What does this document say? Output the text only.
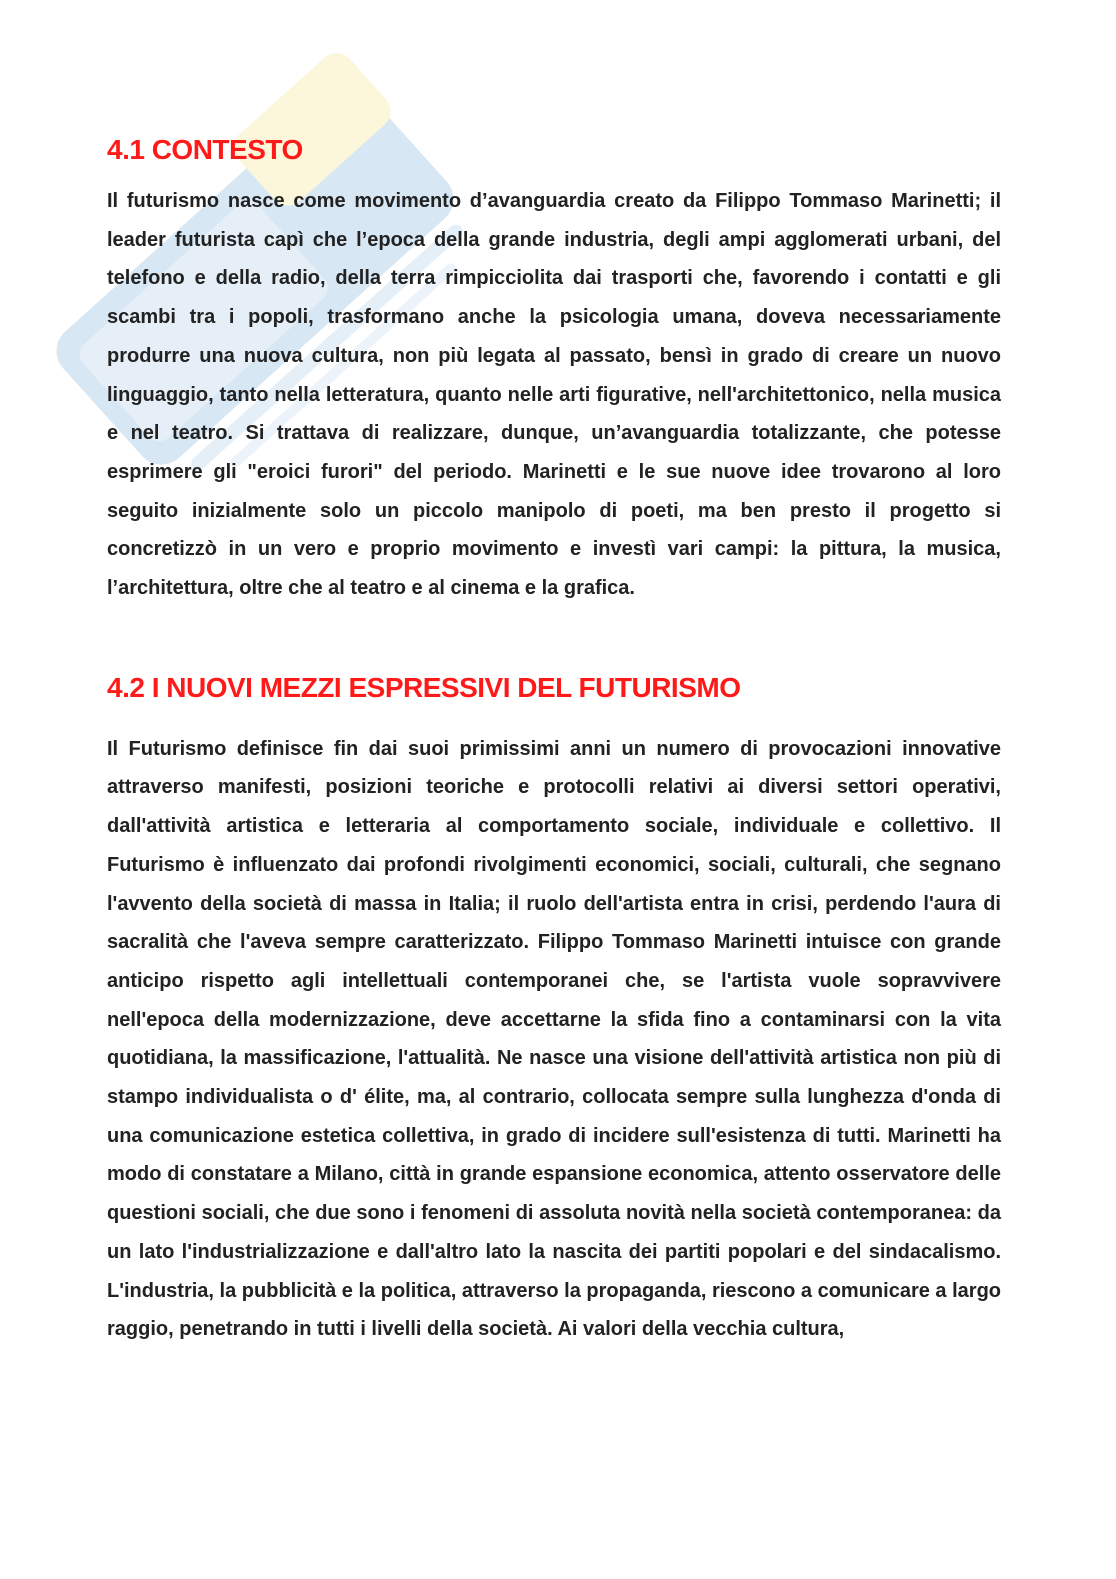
4.1 CONTESTO

Il futurismo nasce come movimento d’avanguardia creato da Filippo Tommaso Marinetti; il leader futurista capì che l’epoca della grande industria, degli ampi agglomerati urbani, del telefono e della radio, della terra rimpicciolita dai trasporti che, favorendo i contatti e gli scambi tra i popoli, trasformano anche la psicologia umana, doveva necessariamente produrre una nuova cultura, non più legata al passato, bensì in grado di creare un nuovo linguaggio, tanto nella letteratura, quanto nelle arti figurative, nell'architettonico, nella musica e nel teatro. Si trattava di realizzare, dunque, un’avanguardia totalizzante, che potesse esprimere gli "eroici furori" del periodo. Marinetti e le sue nuove idee trovarono al loro seguito inizialmente solo un piccolo manipolo di poeti, ma ben presto il progetto si concretizzò in un vero e proprio movimento e investì vari campi: la pittura, la musica, l’architettura, oltre che al teatro e al cinema e la grafica.

4.2 I NUOVI MEZZI ESPRESSIVI DEL FUTURISMO

Il Futurismo definisce fin dai suoi primissimi anni un numero di provocazioni innovative attraverso manifesti, posizioni teoriche e protocolli relativi ai diversi settori operativi, dall'attività artistica e letteraria al comportamento sociale, individuale e collettivo. Il Futurismo è influenzato dai profondi rivolgimenti economici, sociali, culturali, che segnano l'avvento della società di massa in Italia; il ruolo dell'artista entra in crisi, perdendo l'aura di sacralità che l'aveva sempre caratterizzato. Filippo Tommaso Marinetti intuisce con grande anticipo rispetto agli intellettuali contemporanei che, se l'artista vuole sopravvivere nell'epoca della modernizzazione, deve accettarne la sfida fino a contaminarsi con la vita quotidiana, la massificazione, l'attualità. Ne nasce una visione dell'attività artistica non più di stampo individualista o d' élite, ma, al contrario, collocata sempre sulla lunghezza d'onda di una comunicazione estetica collettiva, in grado di incidere sull'esistenza di tutti. Marinetti ha modo di constatare a Milano, città in grande espansione economica, attento osservatore delle questioni sociali, che due sono i fenomeni di assoluta novità nella società contemporanea: da un lato l'industrializzazione e dall'altro lato la nascita dei partiti popolari e del sindacalismo. L'industria, la pubblicità e la politica, attraverso la propaganda, riescono a comunicare a largo raggio, penetrando in tutti i livelli della società. Ai valori della vecchia cultura,
